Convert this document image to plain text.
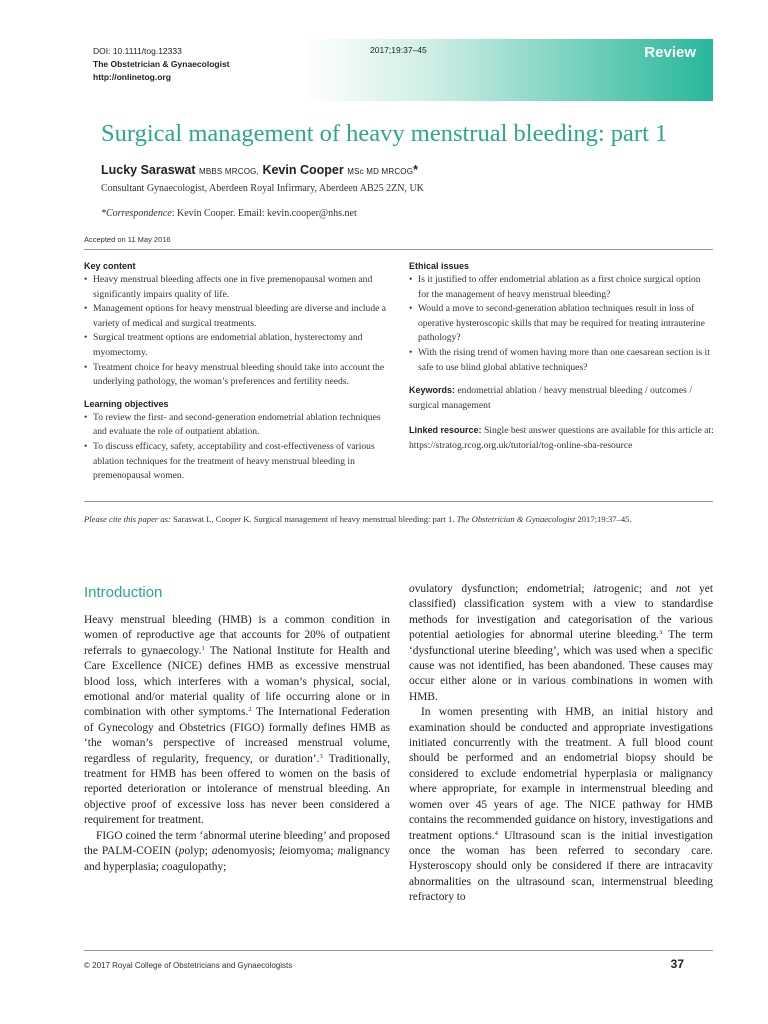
DOI: 10.1111/tog.12333
The Obstetrician & Gynaecologist
http://onlinetog.org
2017;19:37–45	Review
Surgical management of heavy menstrual bleeding: part 1
Lucky Saraswat MBBS MRCOG, Kevin Cooper MSc MD MRCOG*
Consultant Gynaecologist, Aberdeen Royal Infirmary, Aberdeen AB25 2ZN, UK
*Correspondence: Kevin Cooper. Email: kevin.cooper@nhs.net
Accepted on 11 May 2016
Key content
• Heavy menstrual bleeding affects one in five premenopausal women and significantly impairs quality of life.
• Management options for heavy menstrual bleeding are diverse and include a variety of medical and surgical treatments.
• Surgical treatment options are endometrial ablation, hysterectomy and myomectomy.
• Treatment choice for heavy menstrual bleeding should take into account the underlying pathology, the woman’s preferences and fertility needs.
Learning objectives
• To review the first- and second-generation endometrial ablation techniques and evaluate the role of outpatient ablation.
• To discuss efficacy, safety, acceptability and cost-effectiveness of various ablation techniques for the treatment of heavy menstrual bleeding in premenopausal women.
Ethical issues
• Is it justified to offer endometrial ablation as a first choice surgical option for the management of heavy menstrual bleeding?
• Would a move to second-generation ablation techniques result in loss of operative hysteroscopic skills that may be required for treating intrauterine pathology?
• With the rising trend of women having more than one caesarean section is it safe to use blind global ablative techniques?
Keywords: endometrial ablation / heavy menstrual bleeding / outcomes / surgical management
Linked resource: Single best answer questions are available for this article at: https://stratog.rcog.org.uk/tutorial/tog-online-sba-resource
Please cite this paper as: Saraswat L, Cooper K. Surgical management of heavy menstrual bleeding: part 1. The Obstetrician & Gynaecologist 2017;19:37–45.
Introduction

Heavy menstrual bleeding (HMB) is a common condition in women of reproductive age that accounts for 20% of outpatient referrals to gynaecology.$^1$ The National Institute for Health and Care Excellence (NICE) defines HMB as excessive menstrual blood loss, which interferes with a woman’s physical, social, emotional and/or material quality of life occurring alone or in combination with other symptoms.$^2$ The International Federation of Gynecology and Obstetrics (FIGO) formally defines HMB as ‘the woman’s perspective of increased menstrual volume, regardless of regularity, frequency, or duration’.$^3$ Traditionally, treatment for HMB has been offered to women on the basis of reported deterioration or intolerance of menstrual bleeding. An objective proof of excessive loss has never been considered a requirement for treatment.

FIGO coined the term ‘abnormal uterine bleeding’ and proposed the PALM-COEIN (polyp; adenomyosis; leiomyoma; malignancy and hyperplasia; coagulopathy;

ovulatory dysfunction; endometrial; iatrogenic; and not yet classified) classification system with a view to standardise methods for investigation and categorisation of the various potential aetiologies for abnormal uterine bleeding.$^3$ The term ‘dysfunctional uterine bleeding’, which was used when a specific cause was not identified, has been abandoned. These causes may occur either alone or in various combinations in women with HMB.

In women presenting with HMB, an initial history and examination should be conducted and appropriate investigations initiated concurrently with the treatment. A full blood count should be performed and an endometrial biopsy should be considered to exclude endometrial hyperplasia or malignancy where appropriate, for example in intermenstrual bleeding and women over 45 years of age. The NICE pathway for HMB contains the recommended guidance on history, investigations and treatment options.$^4$ Ultrasound scan is the initial investigation once the woman has been referred to secondary care. Hysteroscopy should only be considered if there are intracavity abnormalities on the ultrasound scan, intermenstrual bleeding refractory to

© 2017 Royal College of Obstetricians and Gynaecologists	37
